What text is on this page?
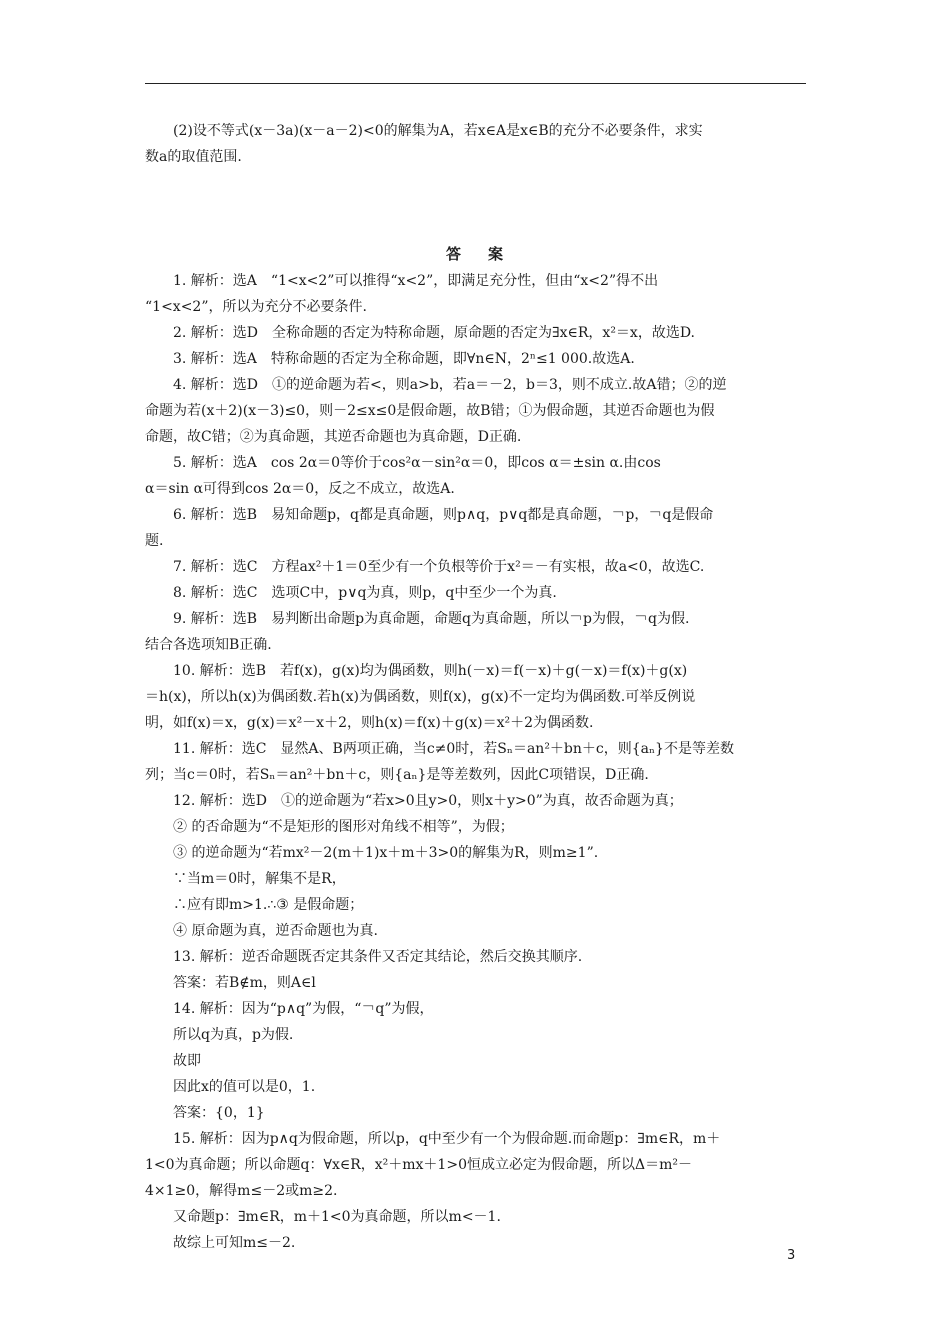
(2)设不等式(x－3a)(x－a－2)<0的解集为A，若x∈A是x∈B的充分不必要条件，求实
数a的取值范围.
答　案
1. 解析：选A　“1<x<2”可以推得“x<2”，即满足充分性，但由“x<2”得不出
“1<x<2”，所以为充分不必要条件.
2. 解析：选D　全称命题的否定为特称命题，原命题的否定为∃x∈R，x²＝x，故选D.
3. 解析：选A　特称命题的否定为全称命题，即∀n∈N，2ⁿ≤1 000.故选A.
4. 解析：选D　①的逆命题为若<，则a>b，若a＝－2，b＝3，则不成立.故A错；②的逆
命题为若(x＋2)(x－3)≤0，则－2≤x≤0是假命题，故B错；①为假命题，其逆否命题也为假
命题，故C错；②为真命题，其逆否命题也为真命题，D正确.
5. 解析：选A　cos 2α＝0等价于cos²α－sin²α＝0，即cos α＝±sin α.由cos
α＝sin α可得到cos 2α＝0，反之不成立，故选A.
6. 解析：选B　易知命题p，q都是真命题，则p∧q，p∨q都是真命题，￢p，￢q是假命
题.
7. 解析：选C　方程ax²＋1＝0至少有一个负根等价于x²＝－有实根，故a<0，故选C.
8. 解析：选C　选项C中，p∨q为真，则p，q中至少一个为真.
9. 解析：选B　易判断出命题p为真命题，命题q为真命题，所以￢p为假，￢q为假.
结合各选项知B正确.
10. 解析：选B　若f(x)，g(x)均为偶函数，则h(－x)＝f(－x)＋g(－x)＝f(x)＋g(x)
＝h(x)，所以h(x)为偶函数.若h(x)为偶函数，则f(x)，g(x)不一定均为偶函数.可举反例说
明，如f(x)＝x，g(x)＝x²－x＋2，则h(x)＝f(x)＋g(x)＝x²＋2为偶函数.
11. 解析：选C　显然A、B两项正确，当c≠0时，若Sₙ＝an²＋bn＋c，则{aₙ}不是等差数
列；当c＝0时，若Sₙ＝an²＋bn＋c，则{aₙ}是等差数列，因此C项错误，D正确.
12. 解析：选D　①的逆命题为“若x>0且y>0，则x＋y>0”为真，故否命题为真；
② 的否命题为“不是矩形的图形对角线不相等”，为假；
③ 的逆命题为“若mx²－2(m＋1)x＋m＋3>0的解集为R，则m≥1”.
∵当m＝0时，解集不是R，
∴应有即m>1.∴③ 是假命题；
④ 原命题为真，逆否命题也为真.
13. 解析：逆否命题既否定其条件又否定其结论，然后交换其顺序.
答案：若B∉m，则A∈l
14. 解析：因为“p∧q”为假，“￢q”为假，
所以q为真，p为假.
故即
因此x的值可以是0，1.
答案：{0，1}
15. 解析：因为p∧q为假命题，所以p，q中至少有一个为假命题.而命题p：∃m∈R，m＋
1<0为真命题；所以命题q：∀x∈R，x²＋mx＋1>0恒成立必定为假命题，所以Δ＝m²－
4×1≥0，解得m≤－2或m≥2.
又命题p：∃m∈R，m＋1<0为真命题，所以m<－1.
故综上可知m≤－2.
3
